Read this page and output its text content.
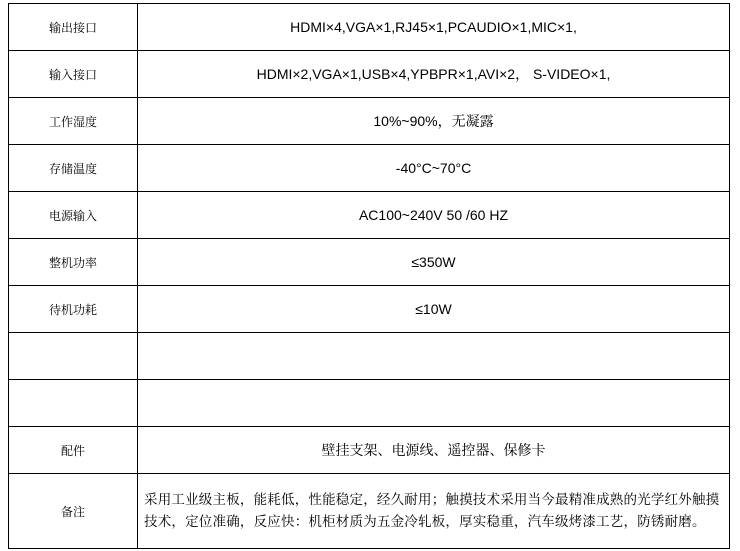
输出接口	HDMI×4,VGA×1,RJ45×1,PCAUDIO×1,MIC×1,
输入接口	HDMI×2,VGA×1,USB×4,YPBPR×1,AVI×2， S-VIDEO×1,
工作湿度	10%~90%，无凝露
存储温度	-40°C~70°C
电源输入	AC100~240V 50 /60 HZ
整机功率	≤350W
待机功耗	≤10W

配件	壁挂支架、电源线、遥控器、保修卡
备注	采用工业级主板，能耗低，性能稳定，经久耐用；触摸技术采用当今最精准成熟的光学红外触摸技术，定位准确，反应快：机柜材质为五金冷轧板，厚实稳重，汽车级烤漆工艺，防锈耐磨。
